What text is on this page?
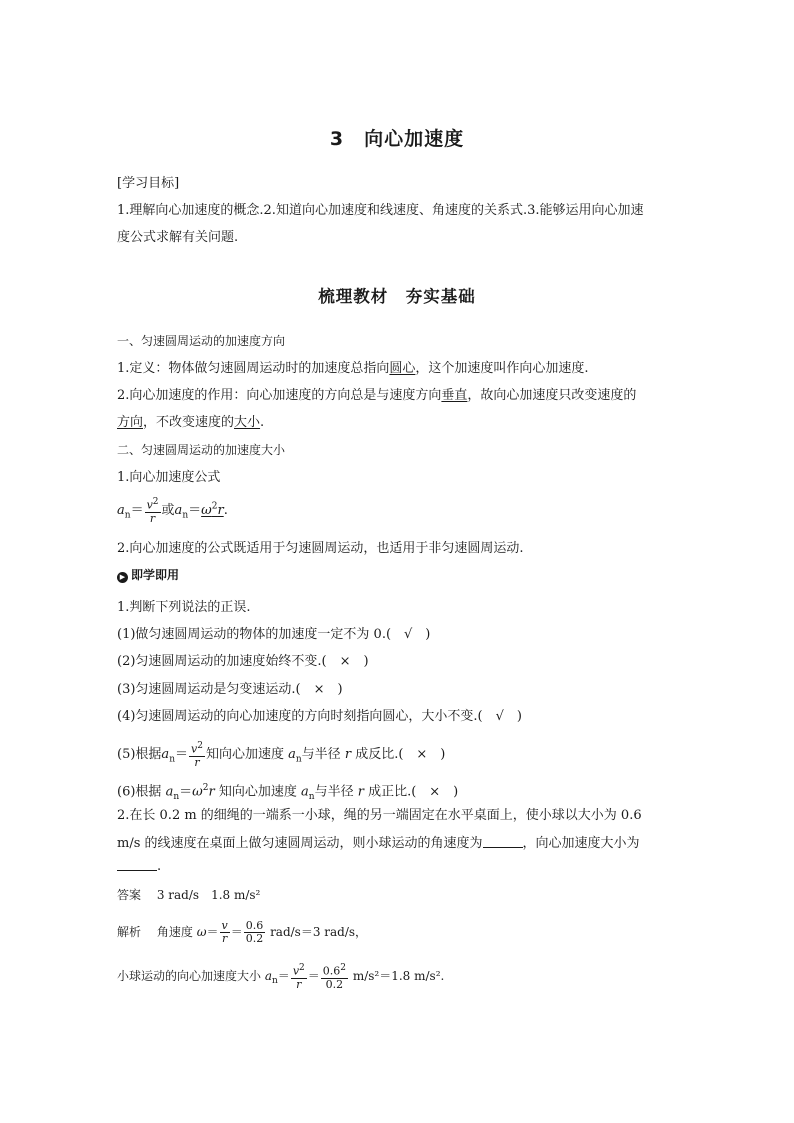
3　向心加速度
[学习目标]
1.理解向心加速度的概念.2.知道向心加速度和线速度、角速度的关系式.3.能够运用向心加速
度公式求解有关问题.
梳理教材　夯实基础
一、匀速圆周运动的加速度方向
1.定义：物体做匀速圆周运动时的加速度总指向圆心，这个加速度叫作向心加速度.
2.向心加速度的作用：向心加速度的方向总是与速度方向垂直，故向心加速度只改变速度的
方向，不改变速度的大小.
二、匀速圆周运动的加速度大小
1.向心加速度公式
$a_n= \frac{v^2}{r}$ 或$a_n=\omega^2r$.
2.向心加速度的公式既适用于匀速圆周运动，也适用于非匀速圆周运动.
▶ 即学即用
1.判断下列说法的正误.
(1)做匀速圆周运动的物体的加速度一定不为 0.(　√　)
(2)匀速圆周运动的加速度始终不变.(　×　)
(3)匀速圆周运动是匀变速运动.(　×　)
(4)匀速圆周运动的向心加速度的方向时刻指向圆心，大小不变.(　√　)
(5)根据$a_n= \frac{v^2}{r}$ 知向心加速度 $a_n$与半径 r 成反比.(　×　)
(6)根据 $a_n=\omega^2r$ 知向心加速度 $a_n$与半径 r 成正比.(　×　)
2.在长 0.2 m 的细绳的一端系一小球，绳的另一端固定在水平桌面上，使小球以大小为 0.6
m/s 的线速度在桌面上做匀速圆周运动，则小球运动的角速度为	，向心加速度大小为
.
答案　 3 rad/s　1.8 m/s²
解析　 角速度 $\omega= \frac{v}{r} = \frac{0.6}{0.2} rad/s=3$ rad/s，
小球运动的向心加速度大小 $a_n= \frac{v^2}{r} = \frac{0.6^2}{0.2} m/s^2=1.8$ m/s².
